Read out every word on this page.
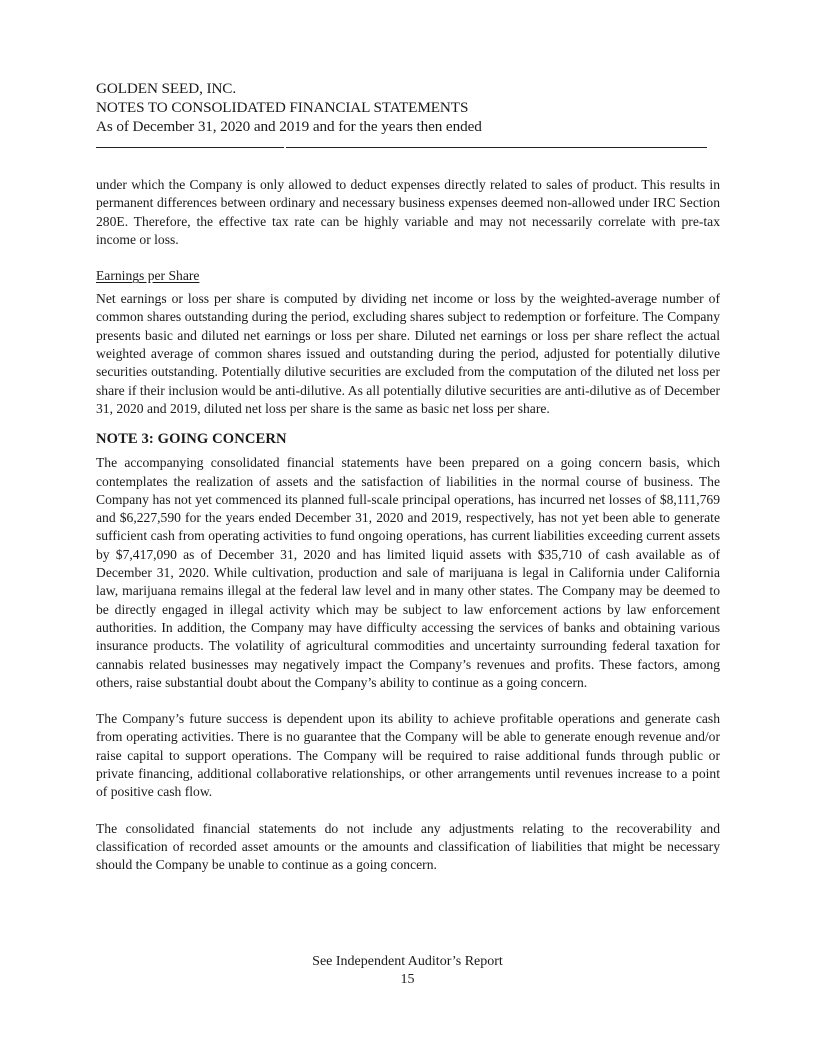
GOLDEN SEED, INC.
NOTES TO CONSOLIDATED FINANCIAL STATEMENTS
As of December 31, 2020 and 2019 and for the years then ended

under which the Company is only allowed to deduct expenses directly related to sales of product. This results in permanent differences between ordinary and necessary business expenses deemed non-allowed under IRC Section 280E. Therefore, the effective tax rate can be highly variable and may not necessarily correlate with pre-tax income or loss.

Earnings per Share

Net earnings or loss per share is computed by dividing net income or loss by the weighted-average number of common shares outstanding during the period, excluding shares subject to redemption or forfeiture. The Company presents basic and diluted net earnings or loss per share. Diluted net earnings or loss per share reflect the actual weighted average of common shares issued and outstanding during the period, adjusted for potentially dilutive securities outstanding. Potentially dilutive securities are excluded from the computation of the diluted net loss per share if their inclusion would be anti-dilutive. As all potentially dilutive securities are anti-dilutive as of December 31, 2020 and 2019, diluted net loss per share is the same as basic net loss per share.

NOTE 3: GOING CONCERN

The accompanying consolidated financial statements have been prepared on a going concern basis, which contemplates the realization of assets and the satisfaction of liabilities in the normal course of business. The Company has not yet commenced its planned full-scale principal operations, has incurred net losses of $8,111,769 and $6,227,590 for the years ended December 31, 2020 and 2019, respectively, has not yet been able to generate sufficient cash from operating activities to fund ongoing operations, has current liabilities exceeding current assets by $7,417,090 as of December 31, 2020 and has limited liquid assets with $35,710 of cash available as of December 31, 2020. While cultivation, production and sale of marijuana is legal in California under California law, marijuana remains illegal at the federal law level and in many other states. The Company may be deemed to be directly engaged in illegal activity which may be subject to law enforcement actions by law enforcement authorities. In addition, the Company may have difficulty accessing the services of banks and obtaining various insurance products. The volatility of agricultural commodities and uncertainty surrounding federal taxation for cannabis related businesses may negatively impact the Company’s revenues and profits. These factors, among others, raise substantial doubt about the Company’s ability to continue as a going concern.

The Company’s future success is dependent upon its ability to achieve profitable operations and generate cash from operating activities. There is no guarantee that the Company will be able to generate enough revenue and/or raise capital to support operations. The Company will be required to raise additional funds through public or private financing, additional collaborative relationships, or other arrangements until revenues increase to a point of positive cash flow.

The consolidated financial statements do not include any adjustments relating to the recoverability and classification of recorded asset amounts or the amounts and classification of liabilities that might be necessary should the Company be unable to continue as a going concern.

See Independent Auditor’s Report
15
